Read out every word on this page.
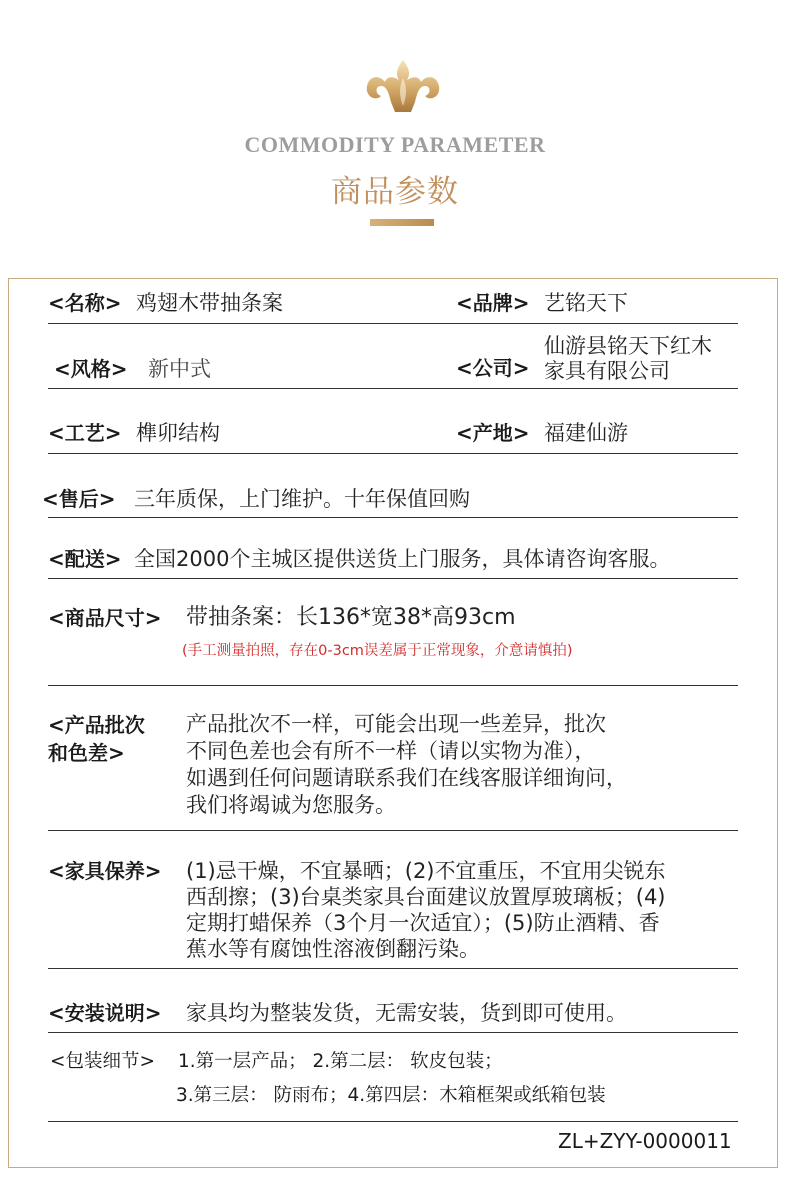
COMMODITY PARAMETER
商品参数
<名称> 鸡翅木带抽条案	<品牌> 艺铭天下
<风格> 新中式	<公司>
仙游县铭天下红木
家具有限公司
<工艺> 榫卯结构	<产地> 福建仙游
<售后> 三年质保，上门维护。十年保值回购
<配送> 全国2000个主城区提供送货上门服务，具体请咨询客服。
<商品尺寸> 带抽条案：长136*宽38*高93cm
(手工测量拍照，存在0-3cm误差属于正常现象，介意请慎拍)
<产品批次
和色差>
产品批次不一样，可能会出现一些差异，批次
不同色差也会有所不一样（请以实物为准），
如遇到任何问题请联系我们在线客服详细询问，
我们将竭诚为您服务。
<家具保养> (1)忌干燥，不宜暴晒；(2)不宜重压，不宜用尖锐东
西刮擦；(3)台桌类家具台面建议放置厚玻璃板；(4)
定期打蜡保养（3个月一次适宜）；(5)防止酒精、香
蕉水等有腐蚀性溶液倒翻污染。
<安装说明> 家具均为整装发货，无需安装，货到即可使用。
<包装细节> 1.第一层产品； 2.第二层： 软皮包装；
3.第三层： 防雨布；4.第四层：木箱框架或纸箱包装
ZL+ZYY-0000011
